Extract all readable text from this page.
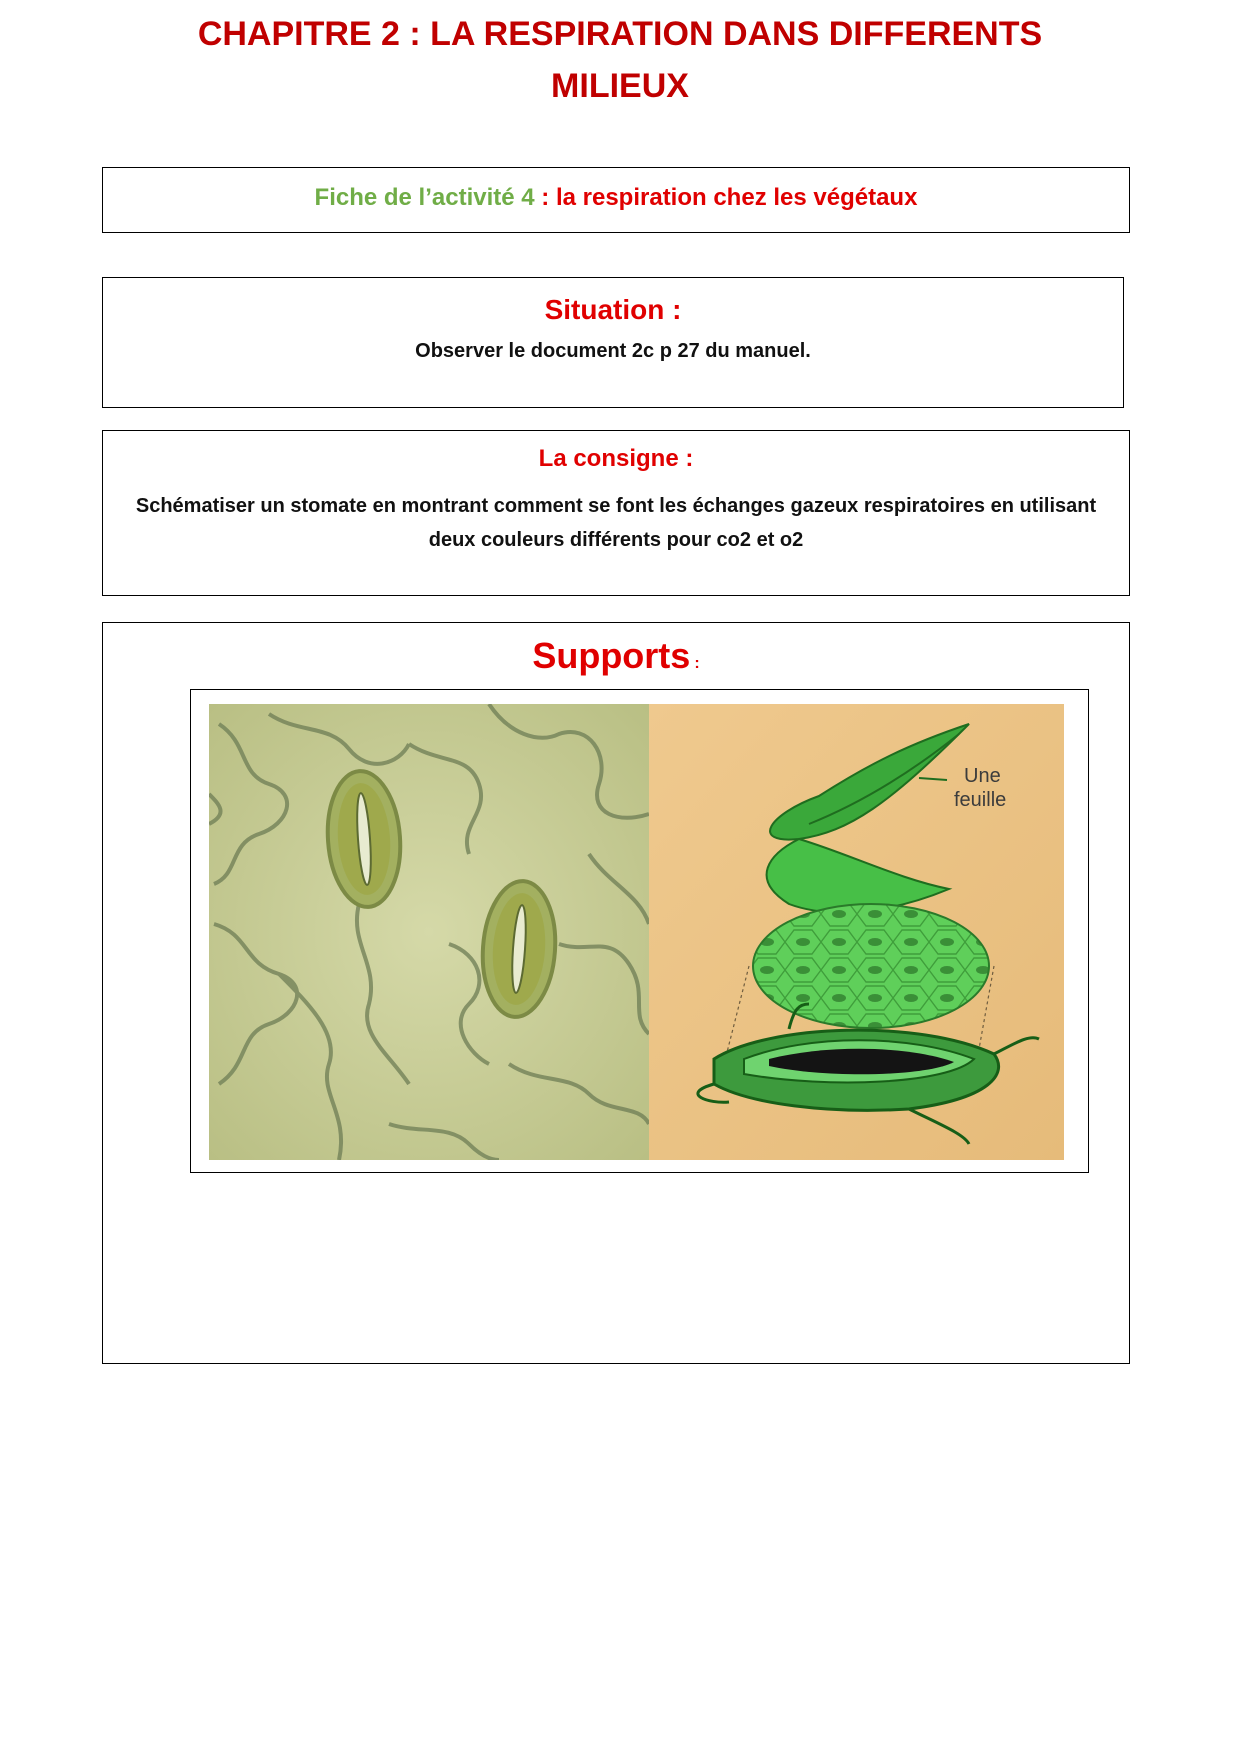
CHAPITRE 2 : LA RESPIRATION DANS DIFFERENTS
MILIEUX
Fiche de l’activité 4 : la respiration chez les végétaux
Situation :

Observer le document 2c p 27 du manuel.

La consigne :

Schématiser un stomate en montrant comment se font les échanges gazeux respiratoires en utilisant deux couleurs différents pour co2 et o2

Supports :
Une
feuille
